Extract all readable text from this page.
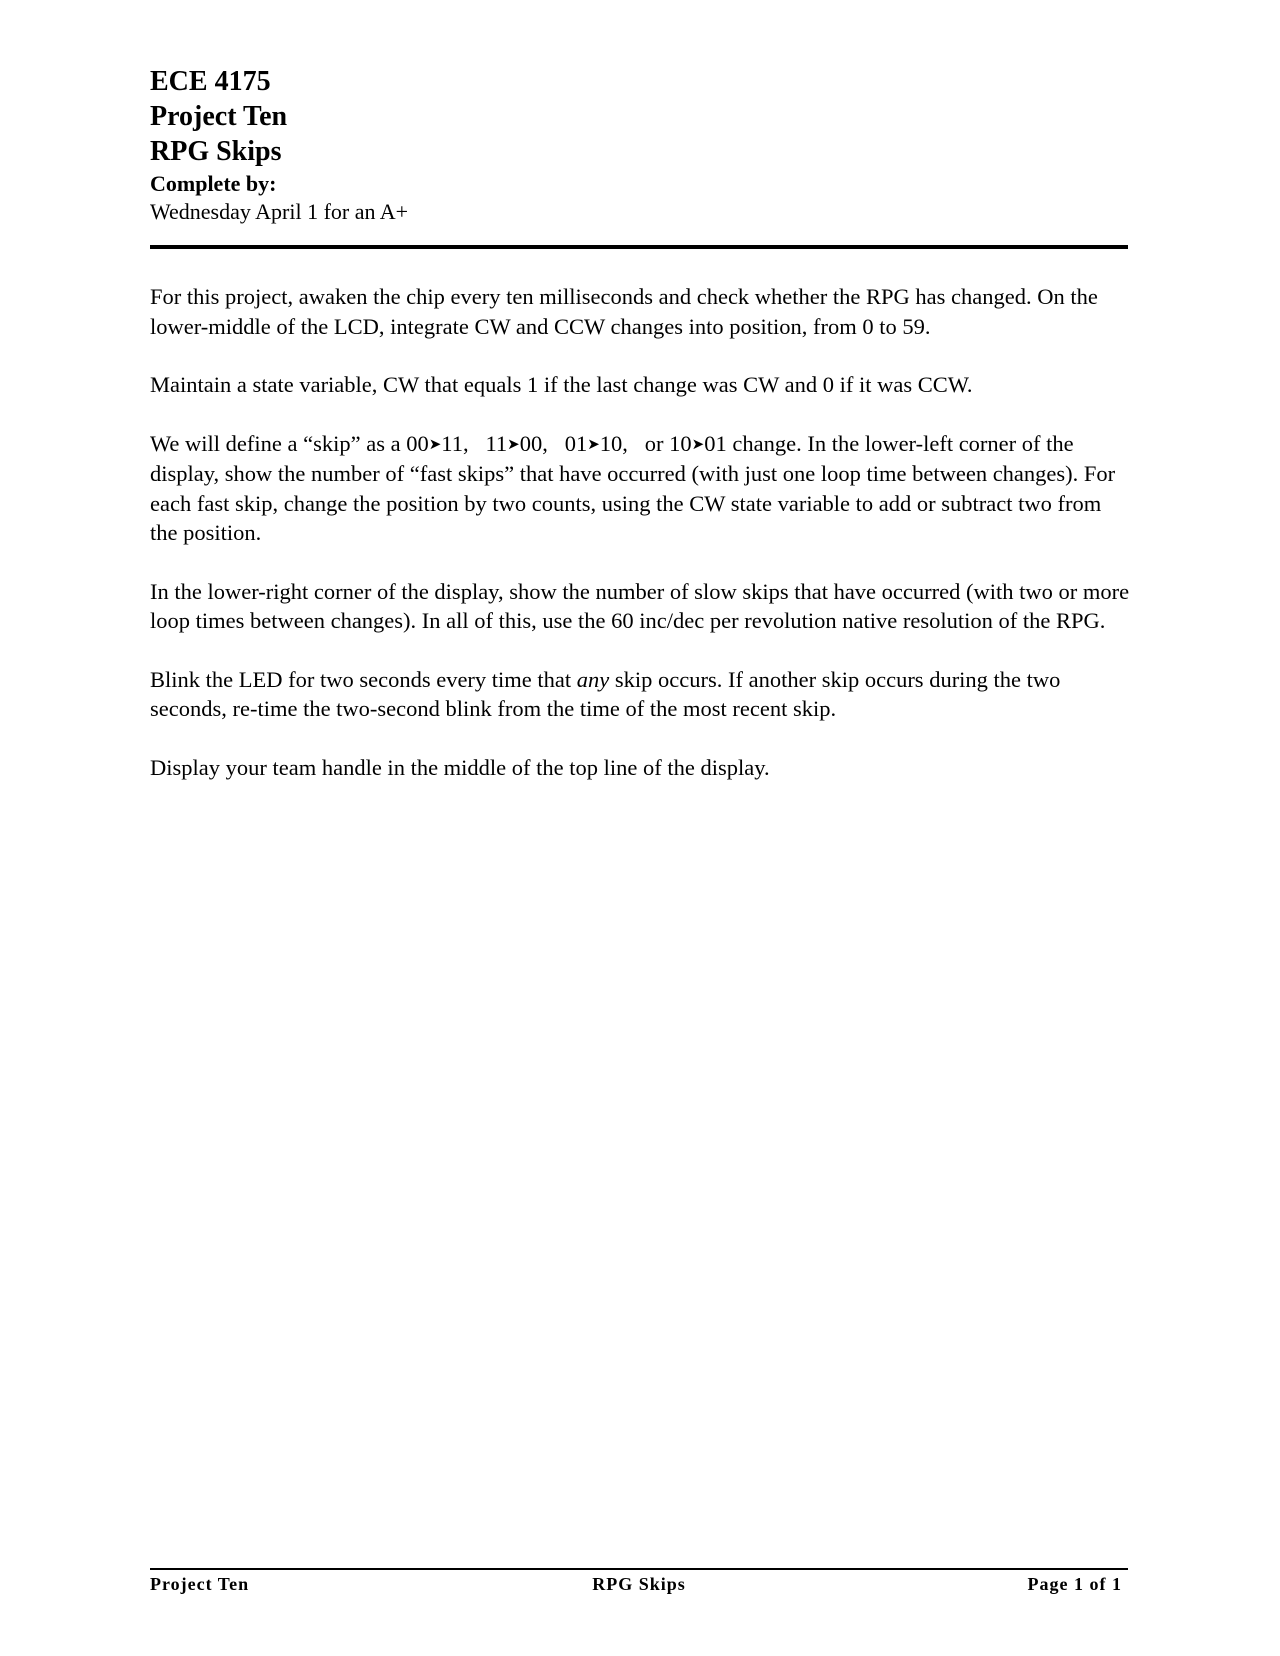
ECE 4175
Project Ten
RPG Skips
Complete by:
Wednesday April 1 for an A+

For this project, awaken the chip every ten milliseconds and check whether the RPG has changed. On the lower-middle of the LCD, integrate CW and CCW changes into position, from 0 to 59.

Maintain a state variable, CW that equals 1 if the last change was CW and 0 if it was CCW.

We will define a “skip” as a 00➤11, 11➤00, 01➤10, or 10➤01 change. In the lower-left corner of the display, show the number of “fast skips” that have occurred (with just one loop time between changes). For each fast skip, change the position by two counts, using the CW state variable to add or subtract two from the position.

In the lower-right corner of the display, show the number of slow skips that have occurred (with two or more loop times between changes). In all of this, use the 60 inc/dec per revolution native resolution of the RPG.

Blink the LED for two seconds every time that any skip occurs. If another skip occurs during the two seconds, re-time the two-second blink from the time of the most recent skip.

Display your team handle in the middle of the top line of the display.

Project Ten	RPG Skips	Page 1 of 1
